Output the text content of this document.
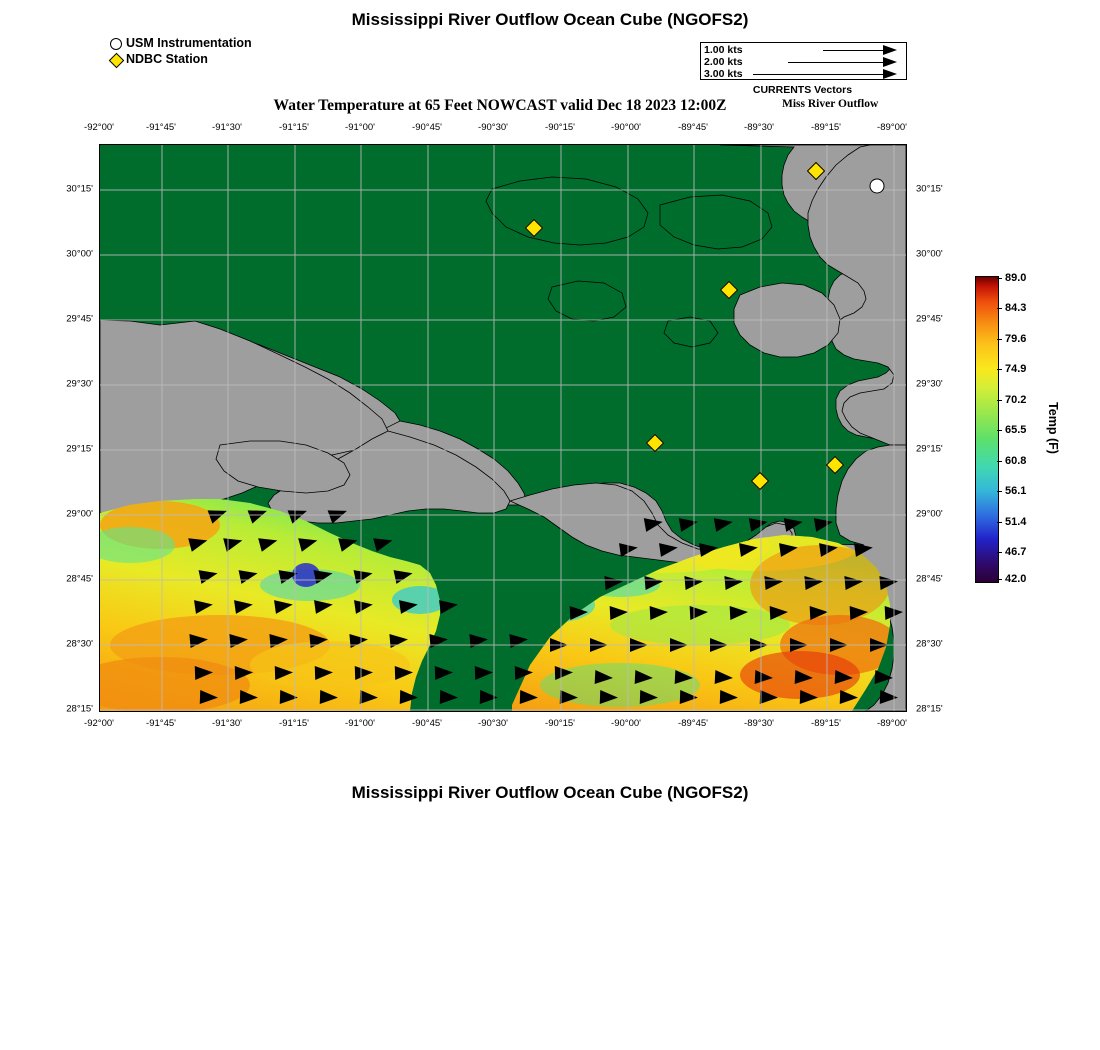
Mississippi River Outflow Ocean Cube (NGOFS2)
Water Temperature at 65 Feet NOWCAST valid Dec 18 2023 12:00Z	Miss River Outflow
Mississippi River Outflow Ocean Cube (NGOFS2)
USM Instrumentation
NDBC Station
1.00 kts
2.00 kts
3.00 kts
CURRENTS Vectors
-92°00'	-91°45'	-91°30'	-91°15'	-91°00'	-90°45'	-90°30'	-90°15'	-90°00'	-89°45'	-89°30'	-89°15'	-89°00'
-92°00'	-91°45'	-91°30'	-91°15'	-91°00'	-90°45'	-90°30'	-90°15'	-90°00'	-89°45'	-89°30'	-89°15'	-89°00'
30°15'
30°00'
29°45'
29°30'
29°15'
29°00'
28°45'
28°30'
28°15'
30°15'
30°00'
29°45'
29°30'
29°15'
29°00'
28°45'
28°30'
28°15'
Temp (F)
89.0
84.3
79.6
74.9
70.2
65.5
60.8
56.1
51.4
46.7
42.0
